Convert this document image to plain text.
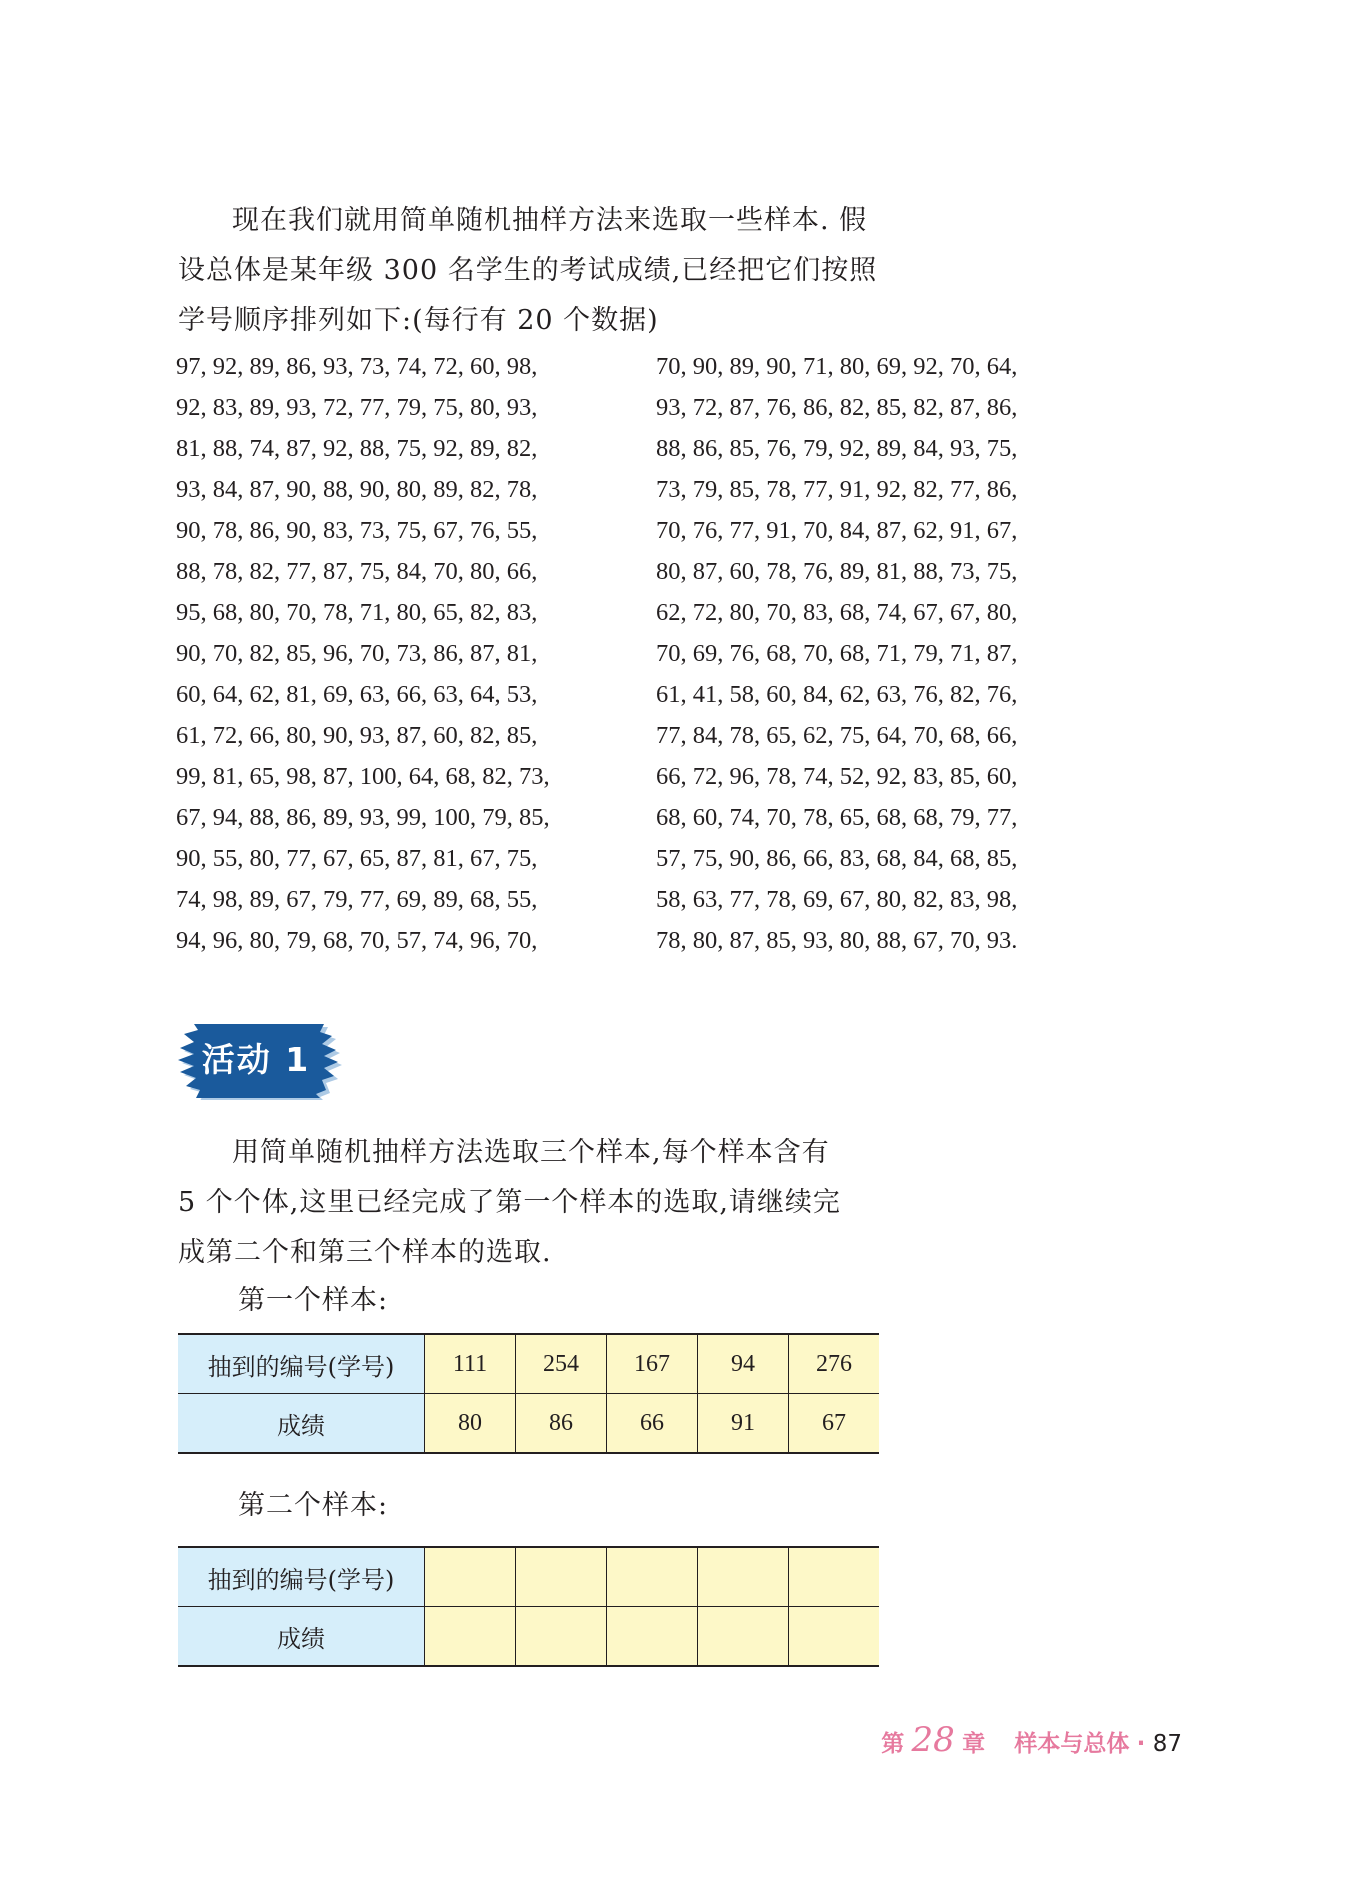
现在我们就用简单随机抽样方法来选取一些样本. 假

设总体是某年级 300 名学生的考试成绩,已经把它们按照

学号顺序排列如下:(每行有 20 个数据)

97, 92, 89, 86, 93, 73, 74, 72, 60, 98,	70, 90, 89, 90, 71, 80, 69, 92, 70, 64,
92, 83, 89, 93, 72, 77, 79, 75, 80, 93,	93, 72, 87, 76, 86, 82, 85, 82, 87, 86,
81, 88, 74, 87, 92, 88, 75, 92, 89, 82,	88, 86, 85, 76, 79, 92, 89, 84, 93, 75,
93, 84, 87, 90, 88, 90, 80, 89, 82, 78,	73, 79, 85, 78, 77, 91, 92, 82, 77, 86,
90, 78, 86, 90, 83, 73, 75, 67, 76, 55,	70, 76, 77, 91, 70, 84, 87, 62, 91, 67,
88, 78, 82, 77, 87, 75, 84, 70, 80, 66,	80, 87, 60, 78, 76, 89, 81, 88, 73, 75,
95, 68, 80, 70, 78, 71, 80, 65, 82, 83,	62, 72, 80, 70, 83, 68, 74, 67, 67, 80,
90, 70, 82, 85, 96, 70, 73, 86, 87, 81,	70, 69, 76, 68, 70, 68, 71, 79, 71, 87,
60, 64, 62, 81, 69, 63, 66, 63, 64, 53,	61, 41, 58, 60, 84, 62, 63, 76, 82, 76,
61, 72, 66, 80, 90, 93, 87, 60, 82, 85,	77, 84, 78, 65, 62, 75, 64, 70, 68, 66,
99, 81, 65, 98, 87, 100, 64, 68, 82, 73,	66, 72, 96, 78, 74, 52, 92, 83, 85, 60,
67, 94, 88, 86, 89, 93, 99, 100, 79, 85,	68, 60, 74, 70, 78, 65, 68, 68, 79, 77,
90, 55, 80, 77, 67, 65, 87, 81, 67, 75,	57, 75, 90, 86, 66, 83, 68, 84, 68, 85,
74, 98, 89, 67, 79, 77, 69, 89, 68, 55,	58, 63, 77, 78, 69, 67, 80, 82, 83, 98,
94, 96, 80, 79, 68, 70, 57, 74, 96, 70,	78, 80, 87, 85, 93, 80, 88, 67, 70, 93.
活动 1

用简单随机抽样方法选取三个样本,每个样本含有

5 个个体,这里已经完成了第一个样本的选取,请继续完

成第二个和第三个样本的选取.

第一个样本:
抽到的编号(学号)	111	254	167	94	276
成绩	80	86	66	91	67
第二个样本:
抽到的编号(学号)					
成绩					
第 28 章 样本与总体 · 87
